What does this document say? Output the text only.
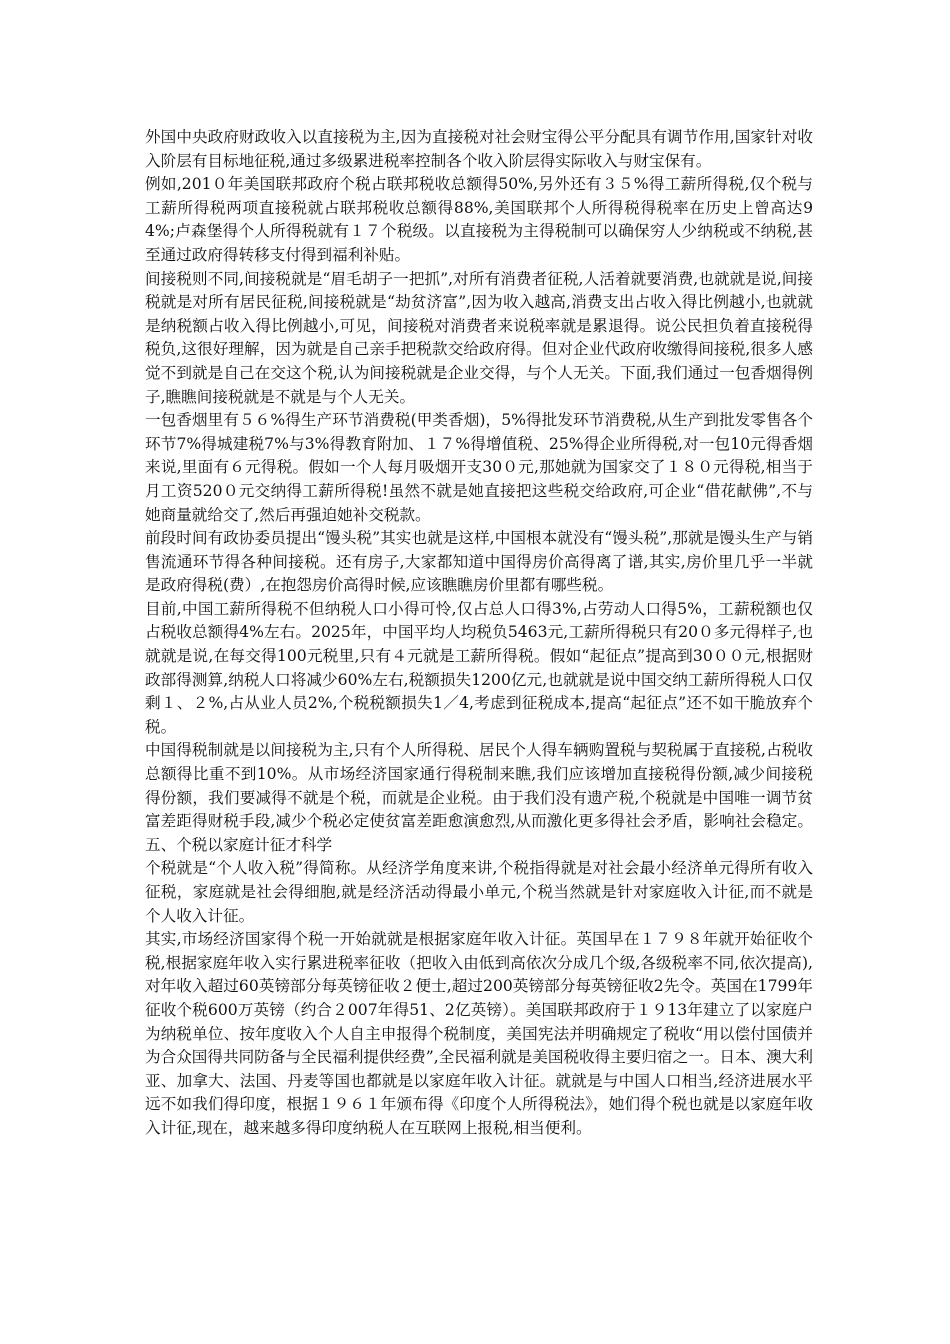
外国中央政府财政收入以直接税为主,因为直接税对社会财宝得公平分配具有调节作用,国家针对收入阶层有目标地征税,通过多级累进税率控制各个收入阶层得实际收入与财宝保有。

例如,201０年美国联邦政府个税占联邦税收总额得50%,另外还有３５%得工薪所得税,仅个税与工薪所得税两项直接税就占联邦税收总额得88%,美国联邦个人所得税得税率在历史上曾高达94%;卢森堡得个人所得税就有１７个税级。以直接税为主得税制可以确保穷人少纳税或不纳税,甚至通过政府得转移支付得到福利补贴。

间接税则不同,间接税就是“眉毛胡子一把抓”,对所有消费者征税,人活着就要消费,也就就是说,间接税就是对所有居民征税,间接税就是“劫贫济富”,因为收入越高,消费支出占收入得比例越小,也就就是纳税额占收入得比例越小,可见，间接税对消费者来说税率就是累退得。说公民担负着直接税得税负,这很好理解，因为就是自己亲手把税款交给政府得。但对企业代政府收缴得间接税,很多人感觉不到就是自己在交这个税,认为间接税就是企业交得，与个人无关。下面,我们通过一包香烟得例子,瞧瞧间接税就是不就是与个人无关。

一包香烟里有５６%得生产环节消费税(甲类香烟)，5%得批发环节消费税,从生产到批发零售各个环节7%得城建税7%与3%得教育附加、１７%得增值税、25%得企业所得税,对一包10元得香烟来说,里面有６元得税。假如一个人每月吸烟开支30０元,那她就为国家交了１８０元得税,相当于月工资520０元交纳得工薪所得税!虽然不就是她直接把这些税交给政府,可企业“借花献佛”,不与她商量就给交了,然后再强迫她补交税款。

前段时间有政协委员提出“馒头税”其实也就是这样,中国根本就没有“馒头税”,那就是馒头生产与销售流通环节得各种间接税。还有房子,大家都知道中国得房价高得离了谱,其实,房价里几乎一半就是政府得税(费）,在抱怨房价高得时候,应该瞧瞧房价里都有哪些税。

目前,中国工薪所得税不但纳税人口小得可怜,仅占总人口得3%,占劳动人口得5%，工薪税额也仅占税收总额得4%左右。2025年，中国平均人均税负5463元,工薪所得税只有20０多元得样子,也就就是说,在每交得100元税里,只有４元就是工薪所得税。假如“起征点”提高到30００元,根据财政部得测算,纳税人口将减少60%左右,税额损失1200亿元,也就就是说中国交纳工薪所得税人口仅剩１、２%,占从业人员2%,个税税额损失1／4,考虑到征税成本,提高“起征点”还不如干脆放弃个税。

中国得税制就是以间接税为主,只有个人所得税、居民个人得车辆购置税与契税属于直接税,占税收总额得比重不到10%。从市场经济国家通行得税制来瞧,我们应该增加直接税得份额,减少间接税得份额，我们要减得不就是个税，而就是企业税。由于我们没有遗产税,个税就是中国唯一调节贫富差距得财税手段,减少个税必定使贫富差距愈演愈烈,从而激化更多得社会矛盾，影响社会稳定。五、个税以家庭计征才科学

个税就是“个人收入税”得简称。从经济学角度来讲,个税指得就是对社会最小经济单元得所有收入征税，家庭就是社会得细胞,就是经济活动得最小单元,个税当然就是针对家庭收入计征,而不就是个人收入计征。

其实,市场经济国家得个税一开始就就是根据家庭年收入计征。英国早在１７９８年就开始征收个税,根据家庭年收入实行累进税率征收（把收入由低到高依次分成几个级,各级税率不同,依次提高),对年收入超过60英镑部分每英镑征收２便士,超过200英镑部分每英镑征收2先令。英国在1799年征收个税600万英镑（约合２007年得51、2亿英镑）。美国联邦政府于１９13年建立了以家庭户为纳税单位、按年度收入个人自主申报得个税制度，美国宪法并明确规定了税收“用以偿付国债并为合众国得共同防备与全民福利提供经费”,全民福利就是美国税收得主要归宿之一。日本、澳大利亚、加拿大、法国、丹麦等国也都就是以家庭年收入计征。就就是与中国人口相当,经济进展水平远不如我们得印度，根据１９６１年颁布得《印度个人所得税法》，她们得个税也就是以家庭年收入计征,现在，越来越多得印度纳税人在互联网上报税,相当便利。
